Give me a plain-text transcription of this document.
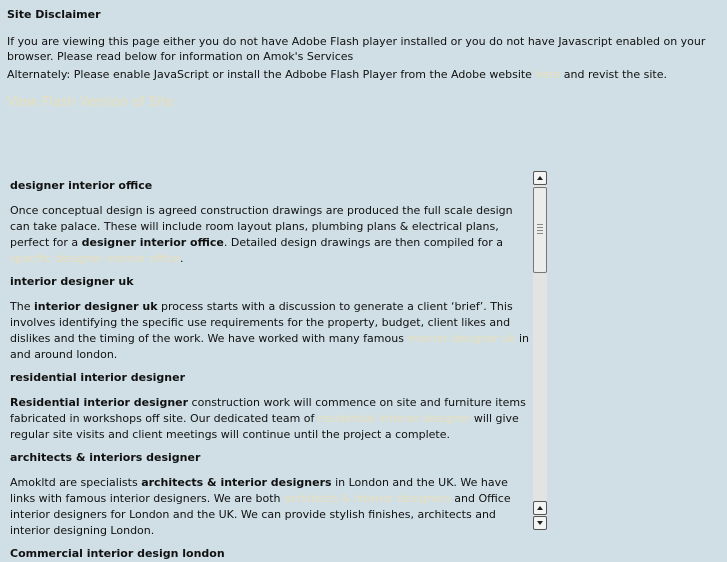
Site Disclaimer
If you are viewing this page either you do not have Adobe Flash player installed or you do not have Javascript enabled on your browser. Please read below for information on Amok's Services
Alternately: Please enable JavaScript or install the Adbobe Flash Player from the Adobe website here and revist the site.
View Flash Version of Site
designer interior office

Once conceptual design is agreed construction drawings are produced the full scale design can take palace. These will include room layout plans, plumbing plans & electrical plans, perfect for a designer interior office. Detailed design drawings are then compiled for a specific designer interior office.

interior designer uk

The interior designer uk process starts with a discussion to generate a client ‘brief’. This involves identifying the specific use requirements for the property, budget, client likes and dislikes and the timing of the work. We have worked with many famous interior designer uk in and around london.

residential interior designer

Residential interior designer construction work will commence on site and furniture items fabricated in workshops off site. Our dedicated team of residential interior designer will give regular site visits and client meetings will continue until the project a complete.

architects & interiors designer

Amokltd are specialists architects & interior designers in London and the UK. We have links with famous interior designers. We are both architects & interior designers and Office interior designers for London and the UK. We can provide stylish finishes, architects and interior designing London.

Commercial interior design london
